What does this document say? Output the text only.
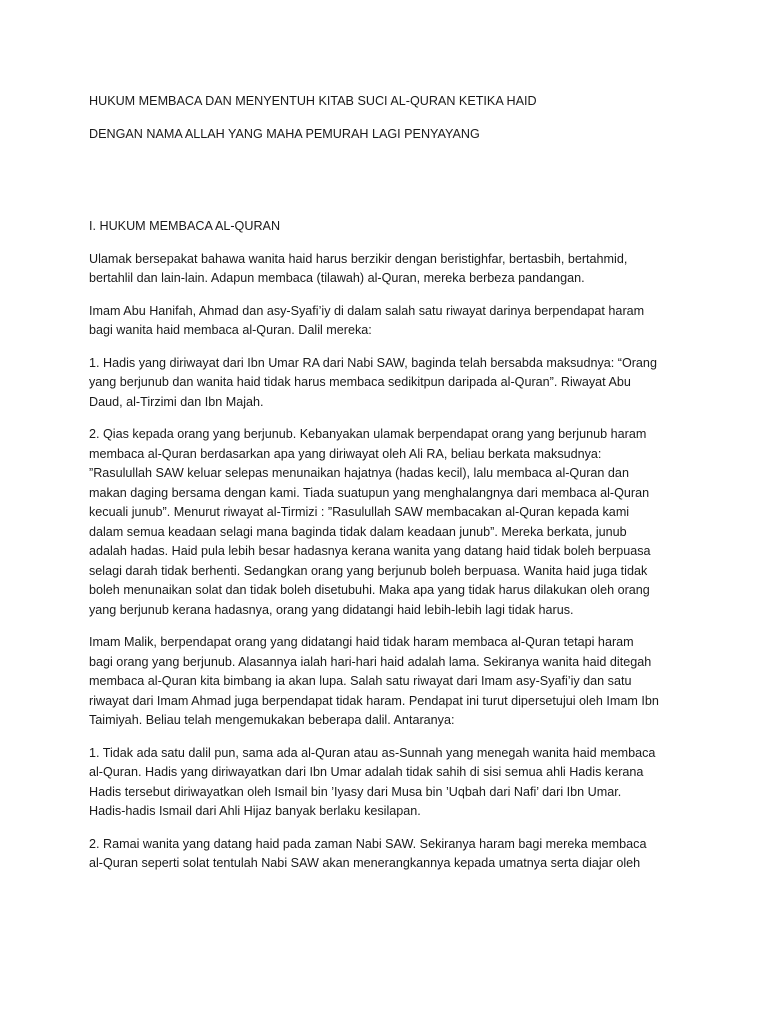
HUKUM MEMBACA DAN MENYENTUH KITAB SUCI AL-QURAN KETIKA HAID

DENGAN NAMA ALLAH YANG MAHA PEMURAH LAGI PENYAYANG

I. HUKUM MEMBACA AL-QURAN

Ulamak bersepakat bahawa wanita haid harus berzikir dengan beristighfar, bertasbih, bertahmid, bertahlil dan lain-lain. Adapun membaca (tilawah) al-Quran, mereka berbeza pandangan.

Imam Abu Hanifah, Ahmad dan asy-Syafi’iy di dalam salah satu riwayat darinya berpendapat haram bagi wanita haid membaca al-Quran. Dalil mereka:

1. Hadis yang diriwayat dari Ibn Umar RA dari Nabi SAW, baginda telah bersabda maksudnya: “Orang yang berjunub dan wanita haid tidak harus membaca sedikitpun daripada al-Quran”. Riwayat Abu Daud, al-Tirzimi dan Ibn Majah.

2. Qias kepada orang yang berjunub. Kebanyakan ulamak berpendapat orang yang berjunub haram membaca al-Quran berdasarkan apa yang diriwayat oleh Ali RA, beliau berkata maksudnya: ”Rasulullah SAW keluar selepas menunaikan hajatnya (hadas kecil), lalu membaca al-Quran dan makan daging bersama dengan kami. Tiada suatupun yang menghalangnya dari membaca al-Quran kecuali junub”. Menurut riwayat al-Tirmizi : ”Rasulullah SAW membacakan al-Quran kepada kami dalam semua keadaan selagi mana baginda tidak dalam keadaan junub”. Mereka berkata, junub adalah hadas. Haid pula lebih besar hadasnya kerana wanita yang datang haid tidak boleh berpuasa selagi darah tidak berhenti. Sedangkan orang yang berjunub boleh berpuasa. Wanita haid juga tidak boleh menunaikan solat dan tidak boleh disetubuhi. Maka apa yang tidak harus dilakukan oleh orang yang berjunub kerana hadasnya, orang yang didatangi haid lebih-lebih lagi tidak harus.

Imam Malik, berpendapat orang yang didatangi haid tidak haram membaca al-Quran tetapi haram bagi orang yang berjunub. Alasannya ialah hari-hari haid adalah lama. Sekiranya wanita haid ditegah membaca al-Quran kita bimbang ia akan lupa. Salah satu riwayat dari Imam asy-Syafi’iy dan satu riwayat dari Imam Ahmad juga berpendapat tidak haram. Pendapat ini turut dipersetujui oleh Imam Ibn Taimiyah. Beliau telah mengemukakan beberapa dalil. Antaranya:

1. Tidak ada satu dalil pun, sama ada al-Quran atau as-Sunnah yang menegah wanita haid membaca al-Quran. Hadis yang diriwayatkan dari Ibn Umar adalah tidak sahih di sisi semua ahli Hadis kerana Hadis tersebut diriwayatkan oleh Ismail bin ’Iyasy dari Musa bin ’Uqbah dari Nafi’ dari Ibn Umar. Hadis-hadis Ismail dari Ahli Hijaz banyak berlaku kesilapan.

2. Ramai wanita yang datang haid pada zaman Nabi SAW. Sekiranya haram bagi mereka membaca al-Quran seperti solat tentulah Nabi SAW akan menerangkannya kepada umatnya serta diajar oleh
